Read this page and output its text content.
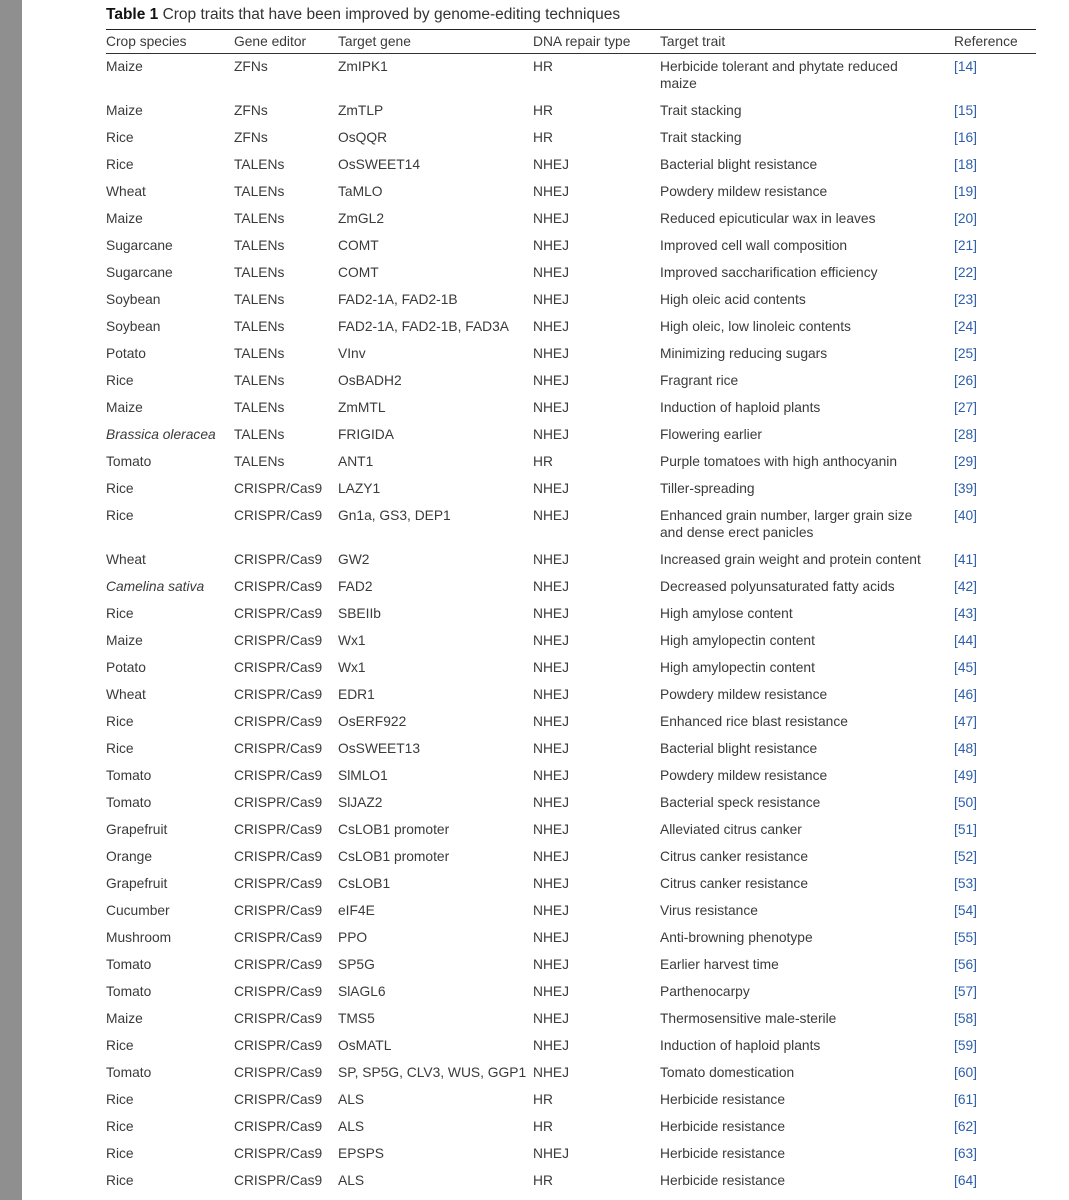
Table 1 Crop traits that have been improved by genome-editing techniques
Crop species	Gene editor	Target gene	DNA repair type	Target trait	Reference
Maize	ZFNs	ZmIPK1	HR	Herbicide tolerant and phytate reduced maize	[14]
Maize	ZFNs	ZmTLP	HR	Trait stacking	[15]
Rice	ZFNs	OsQQR	HR	Trait stacking	[16]
Rice	TALENs	OsSWEET14	NHEJ	Bacterial blight resistance	[18]
Wheat	TALENs	TaMLO	NHEJ	Powdery mildew resistance	[19]
Maize	TALENs	ZmGL2	NHEJ	Reduced epicuticular wax in leaves	[20]
Sugarcane	TALENs	COMT	NHEJ	Improved cell wall composition	[21]
Sugarcane	TALENs	COMT	NHEJ	Improved saccharification efficiency	[22]
Soybean	TALENs	FAD2-1A, FAD2-1B	NHEJ	High oleic acid contents	[23]
Soybean	TALENs	FAD2-1A, FAD2-1B, FAD3A	NHEJ	High oleic, low linoleic contents	[24]
Potato	TALENs	VInv	NHEJ	Minimizing reducing sugars	[25]
Rice	TALENs	OsBADH2	NHEJ	Fragrant rice	[26]
Maize	TALENs	ZmMTL	NHEJ	Induction of haploid plants	[27]
Brassica oleracea	TALENs	FRIGIDA	NHEJ	Flowering earlier	[28]
Tomato	TALENs	ANT1	HR	Purple tomatoes with high anthocyanin	[29]
Rice	CRISPR/Cas9	LAZY1	NHEJ	Tiller-spreading	[39]
Rice	CRISPR/Cas9	Gn1a, GS3, DEP1	NHEJ	Enhanced grain number, larger grain size and dense erect panicles	[40]
Wheat	CRISPR/Cas9	GW2	NHEJ	Increased grain weight and protein content	[41]
Camelina sativa	CRISPR/Cas9	FAD2	NHEJ	Decreased polyunsaturated fatty acids	[42]
Rice	CRISPR/Cas9	SBEIIb	NHEJ	High amylose content	[43]
Maize	CRISPR/Cas9	Wx1	NHEJ	High amylopectin content	[44]
Potato	CRISPR/Cas9	Wx1	NHEJ	High amylopectin content	[45]
Wheat	CRISPR/Cas9	EDR1	NHEJ	Powdery mildew resistance	[46]
Rice	CRISPR/Cas9	OsERF922	NHEJ	Enhanced rice blast resistance	[47]
Rice	CRISPR/Cas9	OsSWEET13	NHEJ	Bacterial blight resistance	[48]
Tomato	CRISPR/Cas9	SlMLO1	NHEJ	Powdery mildew resistance	[49]
Tomato	CRISPR/Cas9	SlJAZ2	NHEJ	Bacterial speck resistance	[50]
Grapefruit	CRISPR/Cas9	CsLOB1 promoter	NHEJ	Alleviated citrus canker	[51]
Orange	CRISPR/Cas9	CsLOB1 promoter	NHEJ	Citrus canker resistance	[52]
Grapefruit	CRISPR/Cas9	CsLOB1	NHEJ	Citrus canker resistance	[53]
Cucumber	CRISPR/Cas9	eIF4E	NHEJ	Virus resistance	[54]
Mushroom	CRISPR/Cas9	PPO	NHEJ	Anti-browning phenotype	[55]
Tomato	CRISPR/Cas9	SP5G	NHEJ	Earlier harvest time	[56]
Tomato	CRISPR/Cas9	SlAGL6	NHEJ	Parthenocarpy	[57]
Maize	CRISPR/Cas9	TMS5	NHEJ	Thermosensitive male-sterile	[58]
Rice	CRISPR/Cas9	OsMATL	NHEJ	Induction of haploid plants	[59]
Tomato	CRISPR/Cas9	SP, SP5G, CLV3, WUS, GGP1	NHEJ	Tomato domestication	[60]
Rice	CRISPR/Cas9	ALS	HR	Herbicide resistance	[61]
Rice	CRISPR/Cas9	ALS	HR	Herbicide resistance	[62]
Rice	CRISPR/Cas9	EPSPS	NHEJ	Herbicide resistance	[63]
Rice	CRISPR/Cas9	ALS	HR	Herbicide resistance	[64]
